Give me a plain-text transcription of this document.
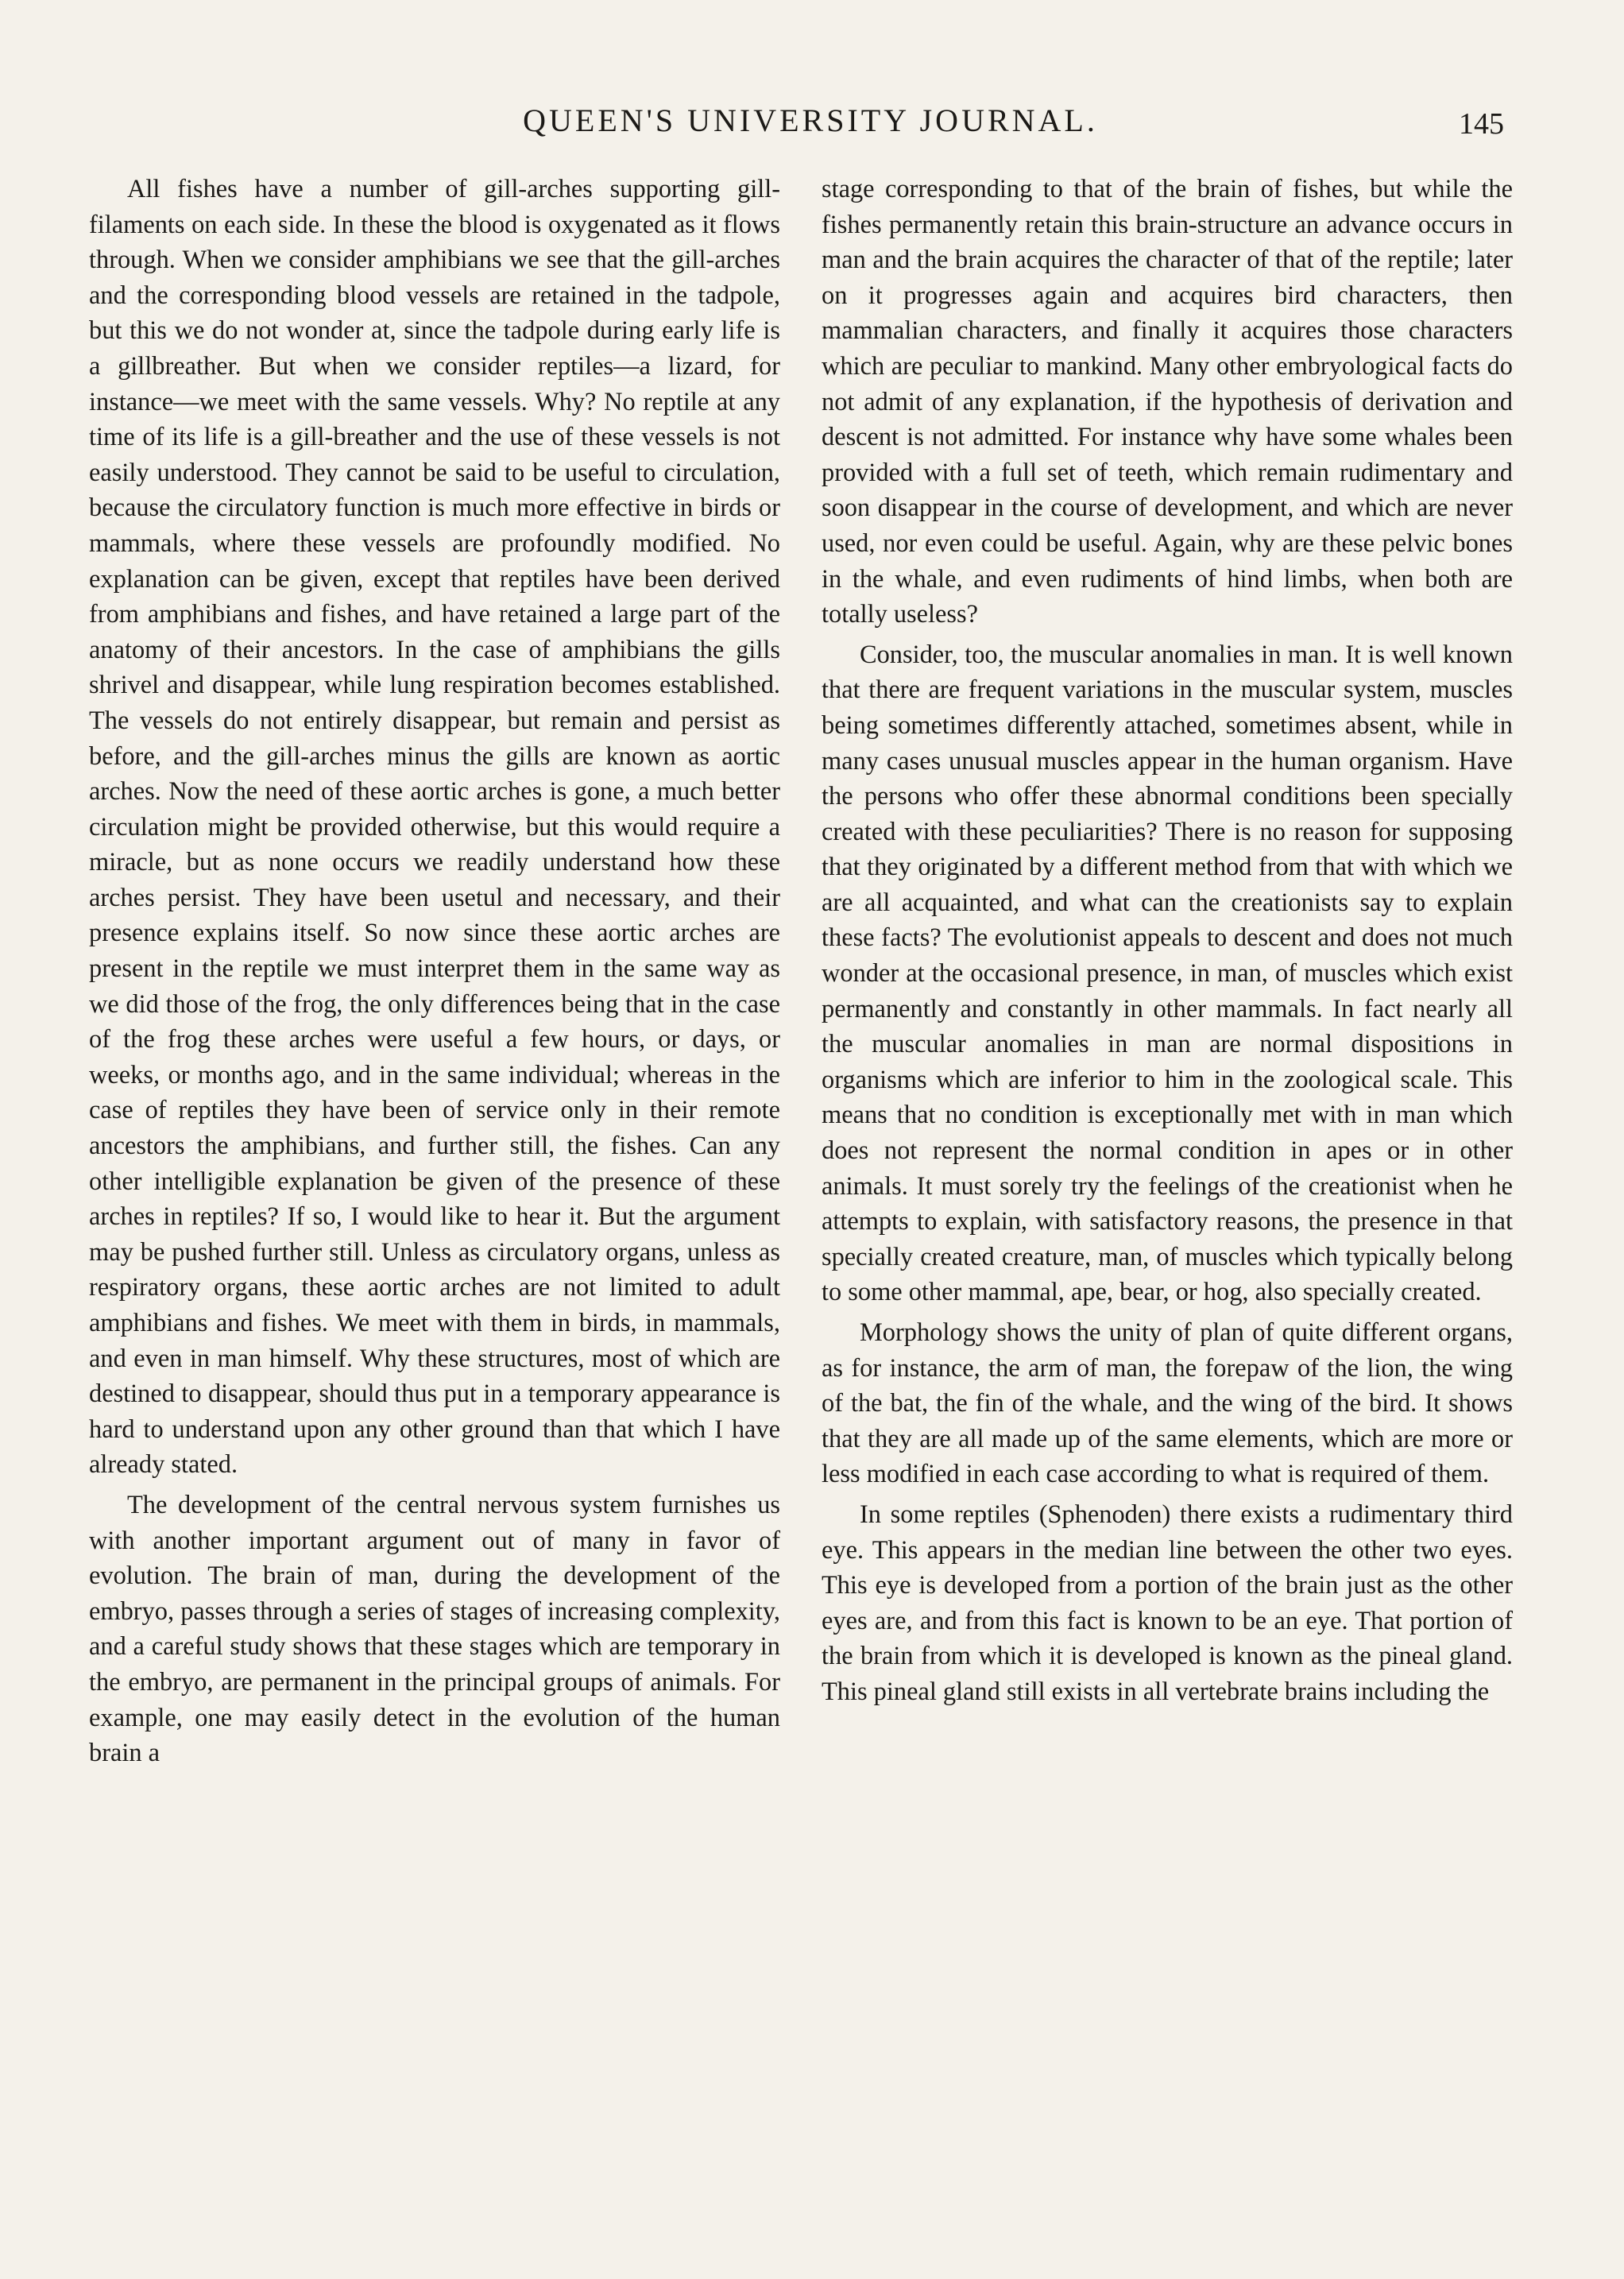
QUEEN'S UNIVERSITY JOURNAL.	145

All fishes have a number of gill-arches supporting gill-filaments on each side. In these the blood is oxygenated as it flows through. When we consider amphibians we see that the gill-arches and the corresponding blood vessels are retained in the tadpole, but this we do not wonder at, since the tadpole during early life is a gillbreather. But when we consider reptiles—a lizard, for instance—we meet with the same vessels. Why? No reptile at any time of its life is a gill-breather and the use of these vessels is not easily understood. They cannot be said to be useful to circulation, because the circulatory function is much more effective in birds or mammals, where these vessels are profoundly modified. No explanation can be given, except that reptiles have been derived from amphibians and fishes, and have retained a large part of the anatomy of their ancestors. In the case of amphibians the gills shrivel and disappear, while lung respiration becomes established. The vessels do not entirely disappear, but remain and persist as before, and the gill-arches minus the gills are known as aortic arches. Now the need of these aortic arches is gone, a much better circulation might be provided otherwise, but this would require a miracle, but as none occurs we readily understand how these arches persist. They have been usetul and necessary, and their presence explains itself. So now since these aortic arches are present in the reptile we must interpret them in the same way as we did those of the frog, the only differences being that in the case of the frog these arches were useful a few hours, or days, or weeks, or months ago, and in the same individual; whereas in the case of reptiles they have been of service only in their remote ancestors the amphibians, and further still, the fishes. Can any other intelligible explanation be given of the presence of these arches in reptiles? If so, I would like to hear it. But the argument may be pushed further still. Unless as circulatory organs, unless as respiratory organs, these aortic arches are not limited to adult amphibians and fishes. We meet with them in birds, in mammals, and even in man himself. Why these structures, most of which are destined to disappear, should thus put in a temporary appearance is hard to understand upon any other ground than that which I have already stated.

The development of the central nervous system furnishes us with another important argument out of many in favor of evolution. The brain of man, during the development of the embryo, passes through a series of stages of increasing complexity, and a careful study shows that these stages which are temporary in the embryo, are permanent in the principal groups of animals. For example, one may easily detect in the evolution of the human brain a

stage corresponding to that of the brain of fishes, but while the fishes permanently retain this brain-structure an advance occurs in man and the brain acquires the character of that of the reptile; later on it progresses again and acquires bird characters, then mammalian characters, and finally it acquires those characters which are peculiar to mankind. Many other embryological facts do not admit of any explanation, if the hypothesis of derivation and descent is not admitted. For instance why have some whales been provided with a full set of teeth, which remain rudimentary and soon disappear in the course of development, and which are never used, nor even could be useful. Again, why are these pelvic bones in the whale, and even rudiments of hind limbs, when both are totally useless?

Consider, too, the muscular anomalies in man. It is well known that there are frequent variations in the muscular system, muscles being sometimes differently attached, sometimes absent, while in many cases unusual muscles appear in the human organism. Have the persons who offer these abnormal conditions been specially created with these peculiarities? There is no reason for supposing that they originated by a different method from that with which we are all acquainted, and what can the creationists say to explain these facts? The evolutionist appeals to descent and does not much wonder at the occasional presence, in man, of muscles which exist permanently and constantly in other mammals. In fact nearly all the muscular anomalies in man are normal dispositions in organisms which are inferior to him in the zoological scale. This means that no condition is exceptionally met with in man which does not represent the normal condition in apes or in other animals. It must sorely try the feelings of the creationist when he attempts to explain, with satisfactory reasons, the presence in that specially created creature, man, of muscles which typically belong to some other mammal, ape, bear, or hog, also specially created.

Morphology shows the unity of plan of quite different organs, as for instance, the arm of man, the forepaw of the lion, the wing of the bat, the fin of the whale, and the wing of the bird. It shows that they are all made up of the same elements, which are more or less modified in each case according to what is required of them.

In some reptiles (Sphenoden) there exists a rudimentary third eye. This appears in the median line between the other two eyes. This eye is developed from a portion of the brain just as the other eyes are, and from this fact is known to be an eye. That portion of the brain from which it is developed is known as the pineal gland. This pineal gland still exists in all vertebrate brains including the
